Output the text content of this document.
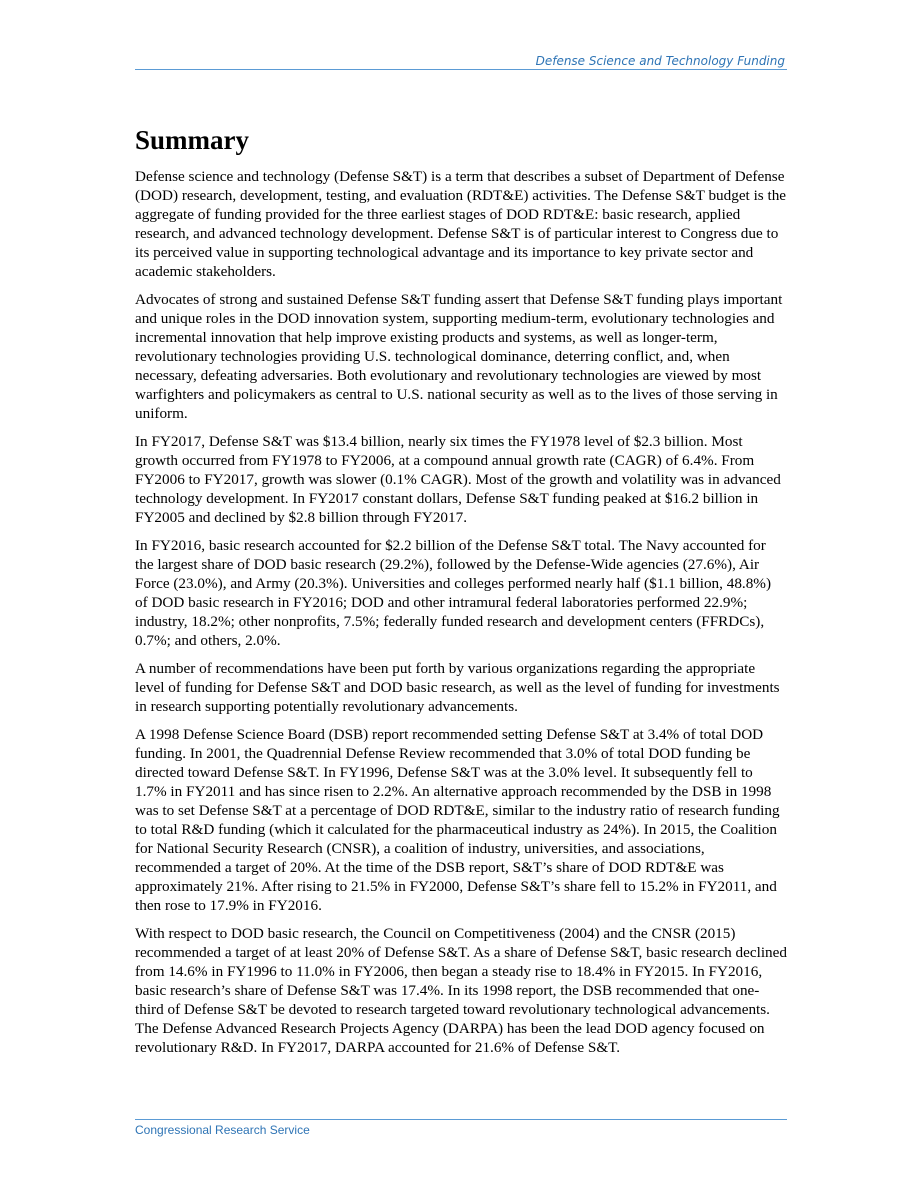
Defense Science and Technology Funding
Summary

Defense science and technology (Defense S&T) is a term that describes a subset of Department of Defense (DOD) research, development, testing, and evaluation (RDT&E) activities. The Defense S&T budget is the aggregate of funding provided for the three earliest stages of DOD RDT&E: basic research, applied research, and advanced technology development. Defense S&T is of particular interest to Congress due to its perceived value in supporting technological advantage and its importance to key private sector and academic stakeholders.

Advocates of strong and sustained Defense S&T funding assert that Defense S&T funding plays important and unique roles in the DOD innovation system, supporting medium-term, evolutionary technologies and incremental innovation that help improve existing products and systems, as well as longer-term, revolutionary technologies providing U.S. technological dominance, deterring conflict, and, when necessary, defeating adversaries. Both evolutionary and revolutionary technologies are viewed by most warfighters and policymakers as central to U.S. national security as well as to the lives of those serving in uniform.

In FY2017, Defense S&T was $13.4 billion, nearly six times the FY1978 level of $2.3 billion. Most growth occurred from FY1978 to FY2006, at a compound annual growth rate (CAGR) of 6.4%. From FY2006 to FY2017, growth was slower (0.1% CAGR). Most of the growth and volatility was in advanced technology development. In FY2017 constant dollars, Defense S&T funding peaked at $16.2 billion in FY2005 and declined by $2.8 billion through FY2017.

In FY2016, basic research accounted for $2.2 billion of the Defense S&T total. The Navy accounted for the largest share of DOD basic research (29.2%), followed by the Defense-Wide agencies (27.6%), Air Force (23.0%), and Army (20.3%). Universities and colleges performed nearly half ($1.1 billion, 48.8%) of DOD basic research in FY2016; DOD and other intramural federal laboratories performed 22.9%; industry, 18.2%; other nonprofits, 7.5%; federally funded research and development centers (FFRDCs), 0.7%; and others, 2.0%.

A number of recommendations have been put forth by various organizations regarding the appropriate level of funding for Defense S&T and DOD basic research, as well as the level of funding for investments in research supporting potentially revolutionary advancements.

A 1998 Defense Science Board (DSB) report recommended setting Defense S&T at 3.4% of total DOD funding. In 2001, the Quadrennial Defense Review recommended that 3.0% of total DOD funding be directed toward Defense S&T. In FY1996, Defense S&T was at the 3.0% level. It subsequently fell to 1.7% in FY2011 and has since risen to 2.2%. An alternative approach recommended by the DSB in 1998 was to set Defense S&T at a percentage of DOD RDT&E, similar to the industry ratio of research funding to total R&D funding (which it calculated for the pharmaceutical industry as 24%). In 2015, the Coalition for National Security Research (CNSR), a coalition of industry, universities, and associations, recommended a target of 20%. At the time of the DSB report, S&T’s share of DOD RDT&E was approximately 21%. After rising to 21.5% in FY2000, Defense S&T’s share fell to 15.2% in FY2011, and then rose to 17.9% in FY2016.

With respect to DOD basic research, the Council on Competitiveness (2004) and the CNSR (2015) recommended a target of at least 20% of Defense S&T. As a share of Defense S&T, basic research declined from 14.6% in FY1996 to 11.0% in FY2006, then began a steady rise to 18.4% in FY2015. In FY2016, basic research’s share of Defense S&T was 17.4%. In its 1998 report, the DSB recommended that one-third of Defense S&T be devoted to research targeted toward revolutionary technological advancements. The Defense Advanced Research Projects Agency (DARPA) has been the lead DOD agency focused on revolutionary R&D. In FY2017, DARPA accounted for 21.6% of Defense S&T.

Congressional Research Service
